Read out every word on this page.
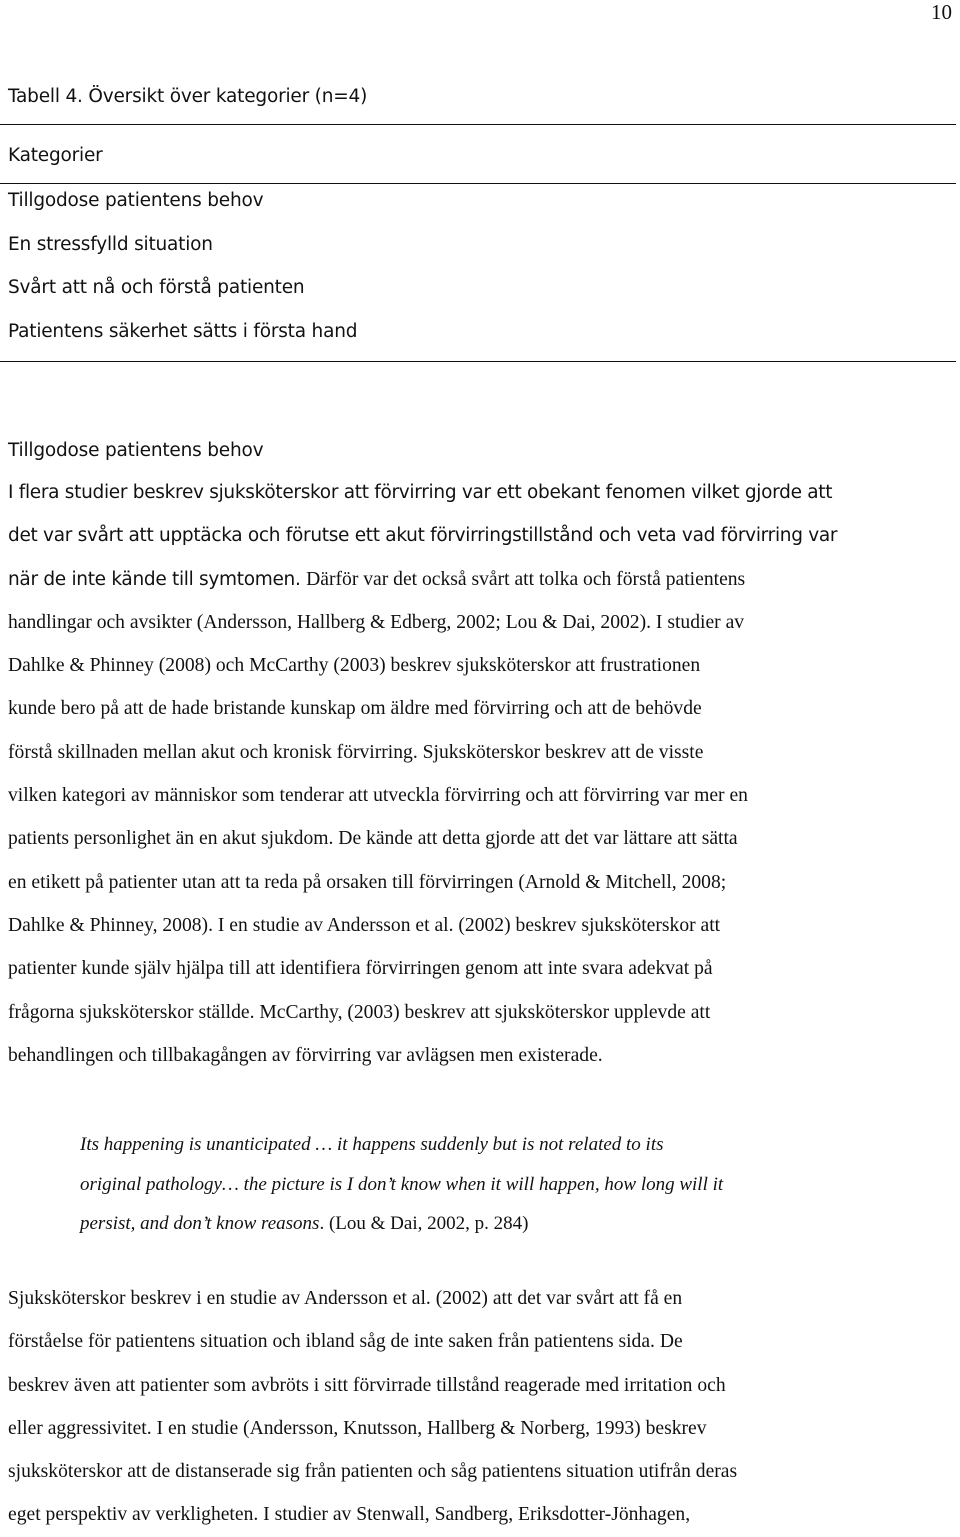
10
Tabell 4. Översikt över kategorier (n=4)
Kategorier
Tillgodose patientens behov
En stressfylld situation
Svårt att nå och förstå patienten
Patientens säkerhet sätts i första hand
Tillgodose patientens behov
I flera studier beskrev sjuksköterskor att förvirring var ett obekant fenomen vilket gjorde att
det var svårt att upptäcka och förutse ett akut förvirringstillstånd och veta vad förvirring var
när de inte kände till symtomen. Därför var det också svårt att tolka och förstå patientens
handlingar och avsikter (Andersson, Hallberg & Edberg, 2002; Lou & Dai, 2002). I studier av
Dahlke & Phinney (2008) och McCarthy (2003) beskrev sjuksköterskor att frustrationen
kunde bero på att de hade bristande kunskap om äldre med förvirring och att de behövde
förstå skillnaden mellan akut och kronisk förvirring. Sjuksköterskor beskrev att de visste
vilken kategori av människor som tenderar att utveckla förvirring och att förvirring var mer en
patients personlighet än en akut sjukdom. De kände att detta gjorde att det var lättare att sätta
en etikett på patienter utan att ta reda på orsaken till förvirringen (Arnold & Mitchell, 2008;
Dahlke & Phinney, 2008). I en studie av Andersson et al. (2002) beskrev sjuksköterskor att
patienter kunde själv hjälpa till att identifiera förvirringen genom att inte svara adekvat på
frågorna sjuksköterskor ställde. McCarthy, (2003) beskrev att sjuksköterskor upplevde att
behandlingen och tillbakagången av förvirring var avlägsen men existerade.
Its happening is unanticipated … it happens suddenly but is not related to its
original pathology… the picture is I don’t know when it will happen, how long will it
persist, and don’t know reasons. (Lou & Dai, 2002, p. 284)
Sjuksköterskor beskrev i en studie av Andersson et al. (2002) att det var svårt att få en
förståelse för patientens situation och ibland såg de inte saken från patientens sida. De
beskrev även att patienter som avbröts i sitt förvirrade tillstånd reagerade med irritation och
eller aggressivitet. I en studie (Andersson, Knutsson, Hallberg & Norberg, 1993) beskrev
sjuksköterskor att de distanserade sig från patienten och såg patientens situation utifrån deras
eget perspektiv av verkligheten. I studier av Stenwall, Sandberg, Eriksdotter-Jönhagen,
